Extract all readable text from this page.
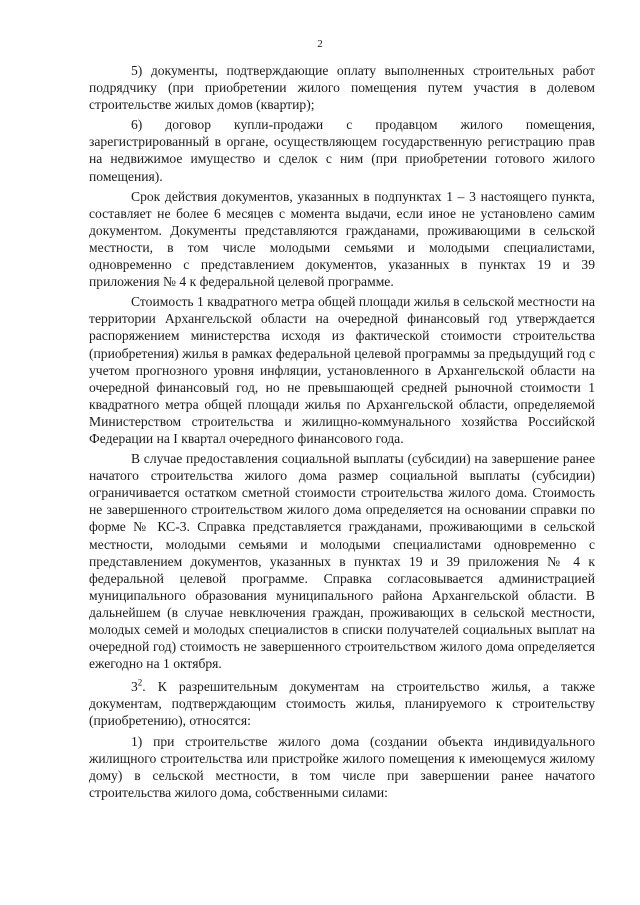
2

5) документы, подтверждающие оплату выполненных строительных работ подрядчику (при приобретении жилого помещения путем участия в долевом строительстве жилых домов (квартир);

6) договор купли-продажи с продавцом жилого помещения, зарегистрированный в органе, осуществляющем государственную регистрацию прав на недвижимое имущество и сделок с ним (при приобретении готового жилого помещения).

Срок действия документов, указанных в подпунктах 1 – 3 настоящего пункта, составляет не более 6 месяцев с момента выдачи, если иное не установлено самим документом. Документы представляются гражданами, проживающими в сельской местности, в том числе молодыми семьями и молодыми специалистами, одновременно с представлением документов, указанных в пунктах 19 и 39 приложения № 4 к федеральной целевой программе.

Стоимость 1 квадратного метра общей площади жилья в сельской местности на территории Архангельской области на очередной финансовый год утверждается распоряжением министерства исходя из фактической стоимости строительства (приобретения) жилья в рамках федеральной целевой программы за предыдущий год с учетом прогнозного уровня инфляции, установленного в Архангельской области на очередной финансовый год, но не превышающей средней рыночной стоимости 1 квадратного метра общей площади жилья по Архангельской области, определяемой Министерством строительства и жилищно-коммунального хозяйства Российской Федерации на I квартал очередного финансового года.

В случае предоставления социальной выплаты (субсидии) на завершение ранее начатого строительства жилого дома размер социальной выплаты (субсидии) ограничивается остатком сметной стоимости строительства жилого дома. Стоимость не завершенного строительством жилого дома определяется на основании справки по форме № КС-3. Справка представляется гражданами, проживающими в сельской местности, молодыми семьями и молодыми специалистами одновременно с представлением документов, указанных в пунктах 19 и 39 приложения № 4 к федеральной целевой программе. Справка согласовывается администрацией муниципального образования муниципального района Архангельской области. В дальнейшем (в случае невключения граждан, проживающих в сельской местности, молодых семей и молодых специалистов в списки получателей социальных выплат на очередной год) стоимость не завершенного строительством жилого дома определяется ежегодно на 1 октября.

$3^2$. К разрешительным документам на строительство жилья, а также документам, подтверждающим стоимость жилья, планируемого к строительству (приобретению), относятся:

1) при строительстве жилого дома (создании объекта индивидуального жилищного строительства или пристройке жилого помещения к имеющемуся жилому дому) в сельской местности, в том числе при завершении ранее начатого строительства жилого дома, собственными силами:
